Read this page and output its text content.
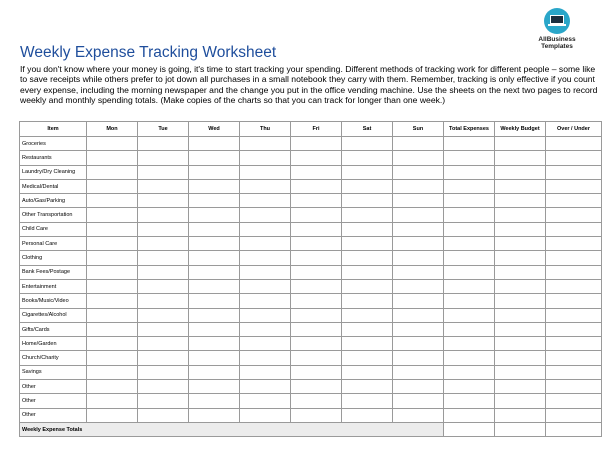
AllBusiness
Templates
Weekly Expense Tracking Worksheet
If you don't know where your money is going, it's time to start tracking your spending. Different methods of tracking work for different people – some like to save receipts while others prefer to jot down all purchases in a small notebook they carry with them. Remember, tracking is only effective if you count every expense, including the morning newspaper and the change you put in the office vending machine. Use the sheets on the next two pages to record weekly and monthly spending totals. (Make copies of the charts so that you can track for longer than one week.)
Item	Mon	Tue	Wed	Thu	Fri	Sat	Sun	Total Expenses	Weekly Budget	Over / Under
Groceries										
Restaurants										
Laundry/Dry Cleaning										
Medical/Dental										
Auto/Gas/Parking										
Other Transportation										
Child Care										
Personal Care										
Clothing										
Bank Fees/Postage										
Entertainment										
Books/Music/Video										
Cigarettes/Alcohol										
Gifts/Cards										
Home/Garden										
Church/Charity										
Savings										
Other										
Other										
Other										
Weekly Expense Totals										
